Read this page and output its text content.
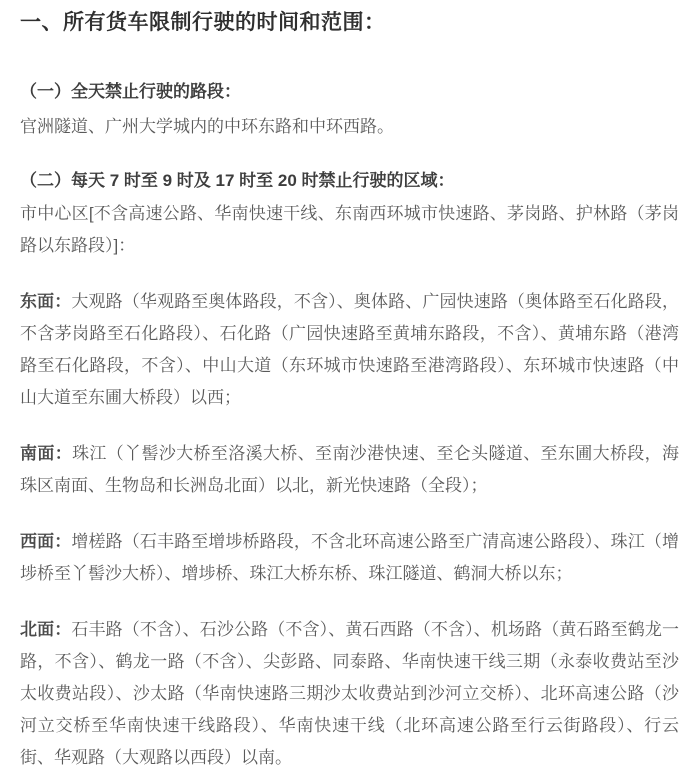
一、所有货车限制行驶的时间和范围：
（一）全天禁止行驶的路段：

官洲隧道、广州大学城内的中环东路和中环西路。

（二）每天 7 时至 9 时及 17 时至 20 时禁止行驶的区域：

市中心区[不含高速公路、华南快速干线、东南西环城市快速路、茅岗路、护林路（茅岗路以东路段）]：

东面：大观路（华观路至奥体路段，不含）、奥体路、广园快速路（奥体路至石化路段，不含茅岗路至石化路段）、石化路（广园快速路至黄埔东路段，不含）、黄埔东路（港湾路至石化路段，不含）、中山大道（东环城市快速路至港湾路段）、东环城市快速路（中山大道至东圃大桥段）以西；

南面：珠江（丫髻沙大桥至洛溪大桥、至南沙港快速、至仑头隧道、至东圃大桥段，海珠区南面、生物岛和长洲岛北面）以北，新光快速路（全段）；

西面：增槎路（石丰路至增埗桥路段，不含北环高速公路至广清高速公路段）、珠江（增埗桥至丫髻沙大桥）、增埗桥、珠江大桥东桥、珠江隧道、鹤洞大桥以东；

北面：石丰路（不含）、石沙公路（不含）、黄石西路（不含）、机场路（黄石路至鹤龙一路，不含）、鹤龙一路（不含）、尖彭路、同泰路、华南快速干线三期（永泰收费站至沙太收费站段）、沙太路（华南快速路三期沙太收费站到沙河立交桥）、北环高速公路（沙河立交桥至华南快速干线路段）、华南快速干线（北环高速公路至行云街路段）、行云街、华观路（大观路以西段）以南。
